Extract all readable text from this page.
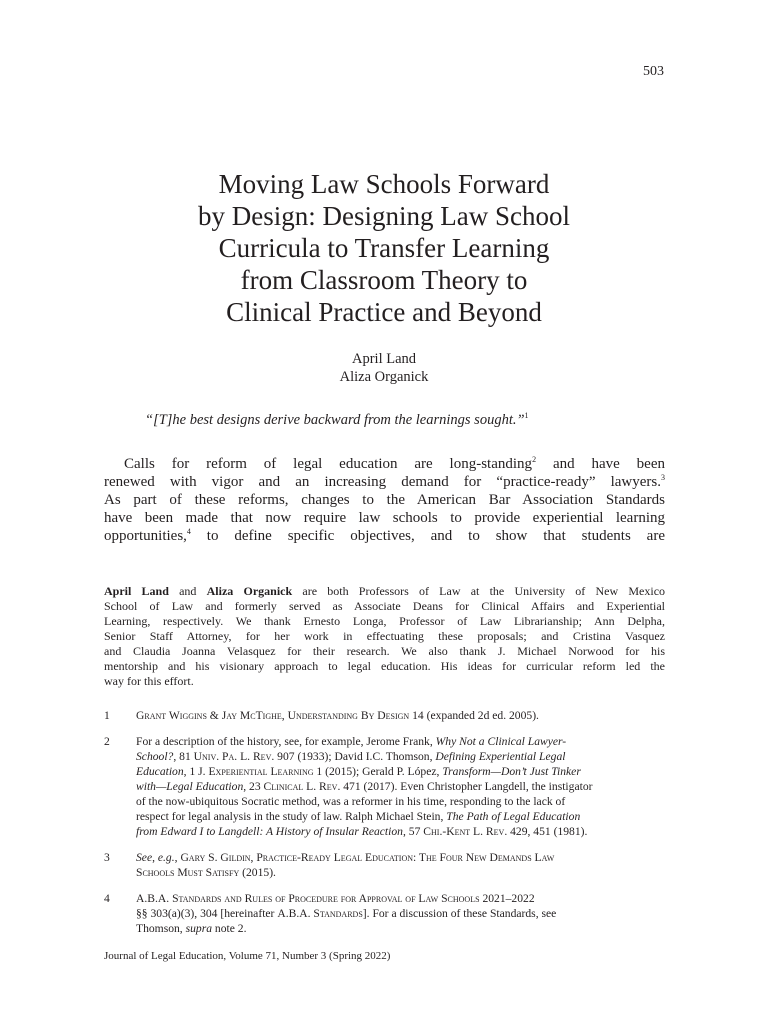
503
Moving Law Schools Forward
by Design: Designing Law School
Curricula to Transfer Learning
from Classroom Theory to
Clinical Practice and Beyond
April Land
Aliza Organick
“[T]he best designs derive backward from the learnings sought.”$^1$
Calls for reform of legal education are long-standing$^2$ and have been
renewed with vigor and an increasing demand for “practice-ready” lawyers.$^3$
As part of these reforms, changes to the American Bar Association Standards
have been made that now require law schools to provide experiential learning
opportunities,$^4$ to define specific objectives, and to show that students are
April Land and Aliza Organick are both Professors of Law at the University of New Mexico
School of Law and formerly served as Associate Deans for Clinical Affairs and Experiential
Learning, respectively. We thank Ernesto Longa, Professor of Law Librarianship; Ann Delpha,
Senior Staff Attorney, for her work in effectuating these proposals; and Cristina Vasquez
and Claudia Joanna Velasquez for their research. We also thank J. Michael Norwood for his
mentorship and his visionary approach to legal education. His ideas for curricular reform led the
way for this effort.
1 Grant Wiggins & Jay McTighe, Understanding By Design 14 (expanded 2d ed. 2005).
2 For a description of the history, see, for example, Jerome Frank, Why Not a Clinical Lawyer-
School?, 81 Univ. Pa. L. Rev. 907 (1933); David I.C. Thomson, Defining Experiential Legal
Education, 1 J. Experiential Learning 1 (2015); Gerald P. López, Transform—Don’t Just Tinker
with—Legal Education, 23 Clinical L. Rev. 471 (2017). Even Christopher Langdell, the instigator
of the now-ubiquitous Socratic method, was a reformer in his time, responding to the lack of
respect for legal analysis in the study of law. Ralph Michael Stein, The Path of Legal Education
from Edward I to Langdell: A History of Insular Reaction, 57 Chi.-Kent L. Rev. 429, 451 (1981).
3 See, e.g., Gary S. Gildin, Practice-Ready Legal Education: The Four New Demands Law
Schools Must Satisfy (2015).
4 A.B.A. Standards and Rules of Procedure for Approval of Law Schools 2021–2022
§§ 303(a)(3), 304 [hereinafter A.B.A. Standards]. For a discussion of these Standards, see
Thomson, supra note 2.
Journal of Legal Education, Volume 71, Number 3 (Spring 2022)
